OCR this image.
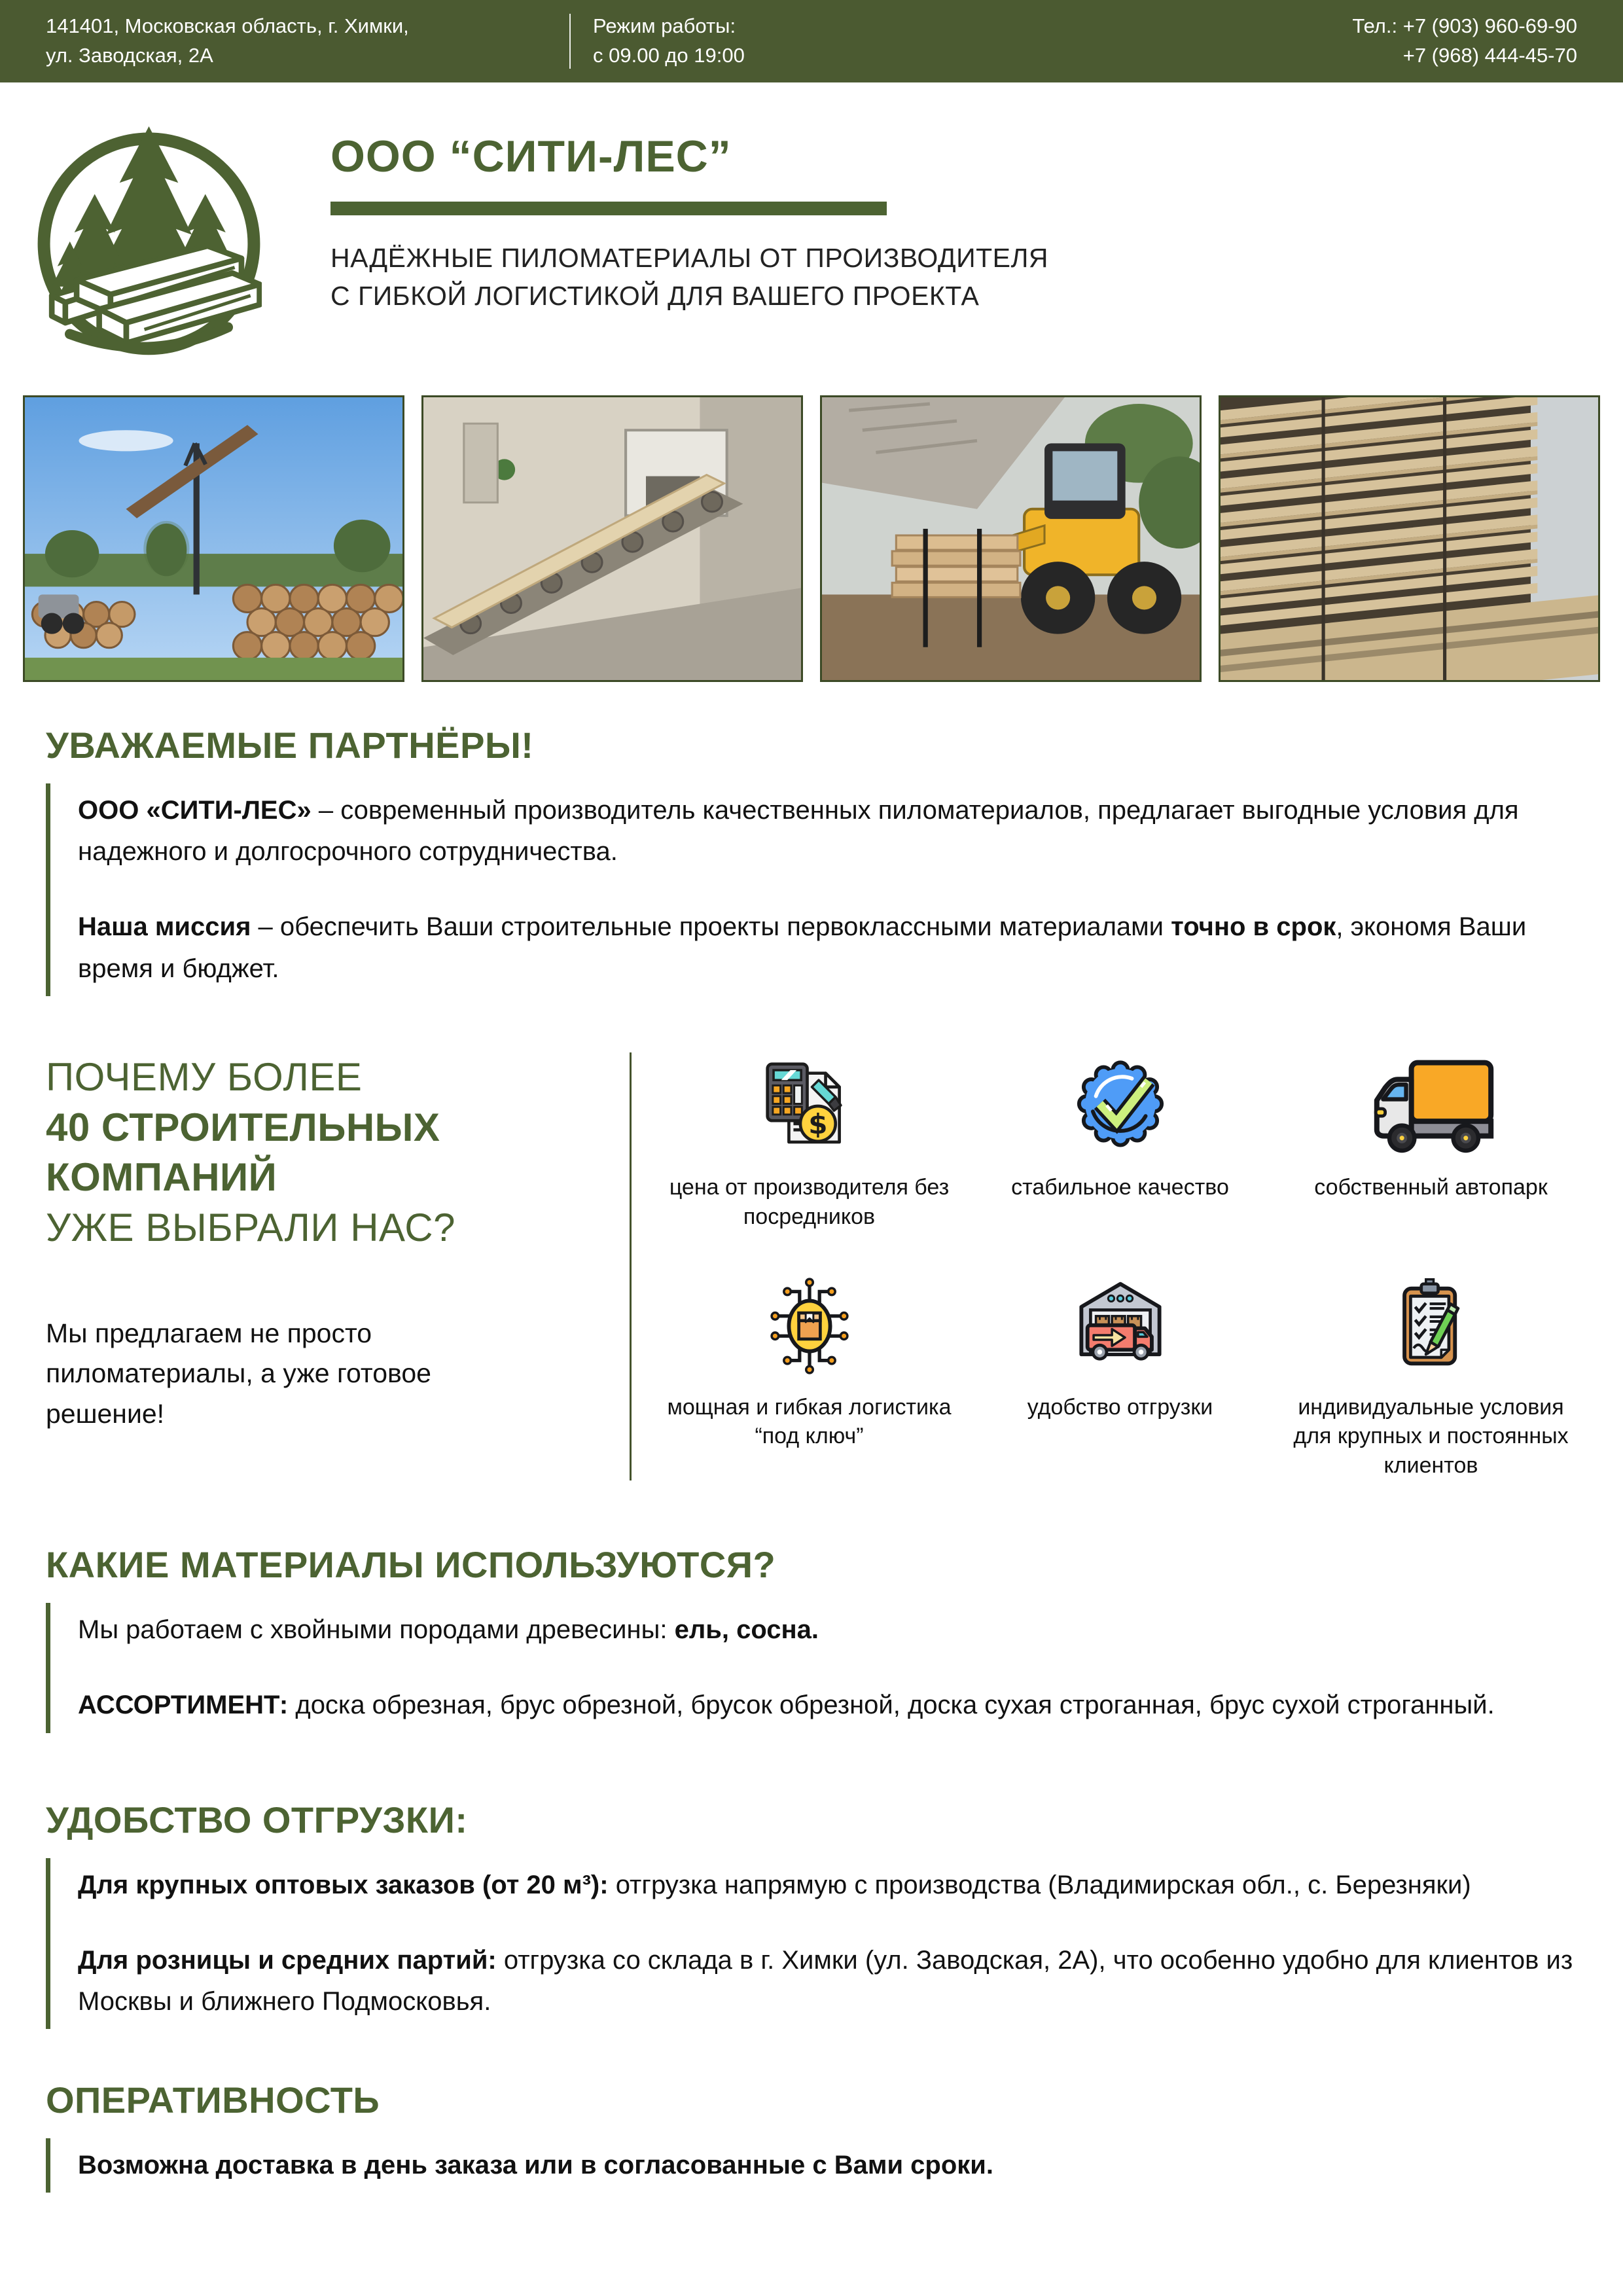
141401, Московская область, г. Химки,
ул. Заводская, 2А
Режим работы:
с 09.00 до 19:00
Тел.: +7 (903) 960-69-90
+7 (968) 444-45-70
ООО “СИТИ-ЛЕС”
НАДЁЖНЫЕ ПИЛОМАТЕРИАЛЫ ОТ ПРОИЗВОДИТЕЛЯ
С ГИБКОЙ ЛОГИСТИКОЙ ДЛЯ ВАШЕГО ПРОЕКТА
УВАЖАЕМЫЕ ПАРТНЁРЫ!

ООО «СИТИ-ЛЕС» – современный производитель качественных пиломатериалов, предлагает выгодные условия для надежного и долгосрочного сотрудничества.

Наша миссия – обеспечить Ваши строительные проекты первоклассными материалами точно в срок, экономя Ваши время и бюджет.

ПОЧЕМУ БОЛЕЕ
40 СТРОИТЕЛЬНЫХ
КОМПАНИЙ
УЖЕ ВЫБРАЛИ НАС?
Мы предлагаем не просто пиломатериалы, а уже готовое решение!
$
цена от производителя без посредников
стабильное качество	собственный автопарк
мощная и гибкая логистика “под ключ”
удобство отгрузки	индивидуальные условия для крупных и постоянных клиентов
КАКИЕ МАТЕРИАЛЫ ИСПОЛЬЗУЮТСЯ?

Мы работаем с хвойными породами древесины: ель, сосна.

АССОРТИМЕНТ: доска обрезная, брус обрезной, брусок обрезной, доска сухая строганная, брус сухой строганный.

УДОБСТВО ОТГРУЗКИ:

Для крупных оптовых заказов (от 20 м³): отгрузка напрямую с производства (Владимирская обл., с. Березняки)

Для розницы и средних партий: отгрузка со склада в г. Химки (ул. Заводская, 2А), что особенно удобно для клиентов из Москвы и ближнего Подмосковья.

ОПЕРАТИВНОСТЬ

Возможна доставка в день заказа или в согласованные с Вами сроки.
